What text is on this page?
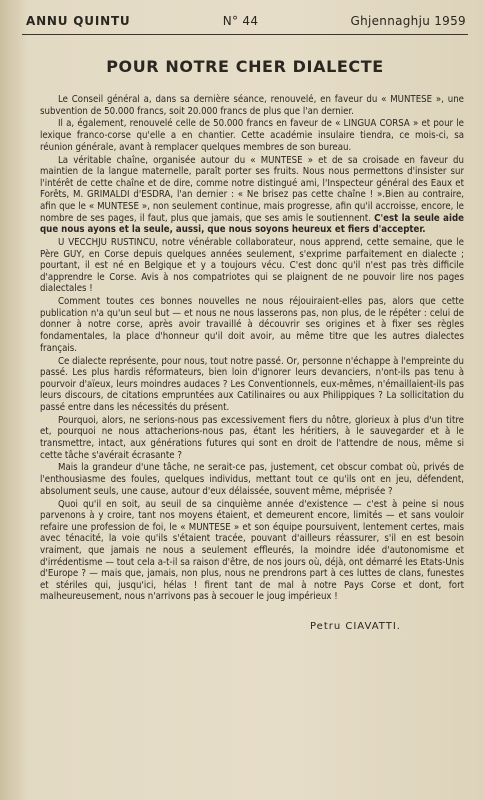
ANNU QUINTU	N° 44	Ghjennaghju 1959
POUR NOTRE CHER DIALECTE

Le Conseil général a, dans sa dernière séance, renouvelé, en faveur du « MUNTESE », une subvention de 50.000 francs, soit 20.000 francs de plus que l'an dernier.

Il a, également, renouvelé celle de 50.000 francs en faveur de « LINGUA CORSA » et pour le lexique franco-corse qu'elle a en chantier. Cette académie insulaire tiendra, ce mois-ci, sa réunion générale, avant à remplacer quelques membres de son bureau.

La véritable chaîne, organisée autour du « MUNTESE » et de sa croisade en faveur du maintien de la langue maternelle, paraît porter ses fruits. Nous nous permettons d'insister sur l'intérêt de cette chaîne et de dire, comme notre distingué ami, l'Inspecteur général des Eaux et Forêts, M. GRIMALDI d'ESDRA, l'an dernier : « Ne brisez pas cette chaîne ! ».Bien au contraire, afin que le « MUNTESE », non seulement continue, mais progresse, afin qu'il accroisse, encore, le nombre de ses pages, il faut, plus que jamais, que ses amis le soutiennent. C'est la seule aide que nous ayons et la seule, aussi, que nous soyons heureux et fiers d'accepter.

U VECCHJU RUSTINCU, notre vénérable collaborateur, nous apprend, cette semaine, que le Père GUY, en Corse depuis quelques années seulement, s'exprime parfaitement en dialecte ; pourtant, il est né en Belgique et y a toujours vécu. C'est donc qu'il n'est pas très difficile d'apprendre le Corse. Avis à nos compatriotes qui se plaignent de ne pouvoir lire nos pages dialectales !

Comment toutes ces bonnes nouvelles ne nous réjouiraient-elles pas, alors que cette publication n'a qu'un seul but — et nous ne nous lasserons pas, non plus, de le répéter : celui de donner à notre corse, après avoir travaillé à découvrir ses origines et à fixer ses règles fondamentales, la place d'honneur qu'il doit avoir, au même titre que les autres dialectes français.

Ce dialecte représente, pour nous, tout notre passé. Or, personne n'échappe à l'empreinte du passé. Les plus hardis réformateurs, bien loin d'ignorer leurs devanciers, n'ont-ils pas tenu à pourvoir d'aïeux, leurs moindres audaces ? Les Conventionnels, eux-mêmes, n'émaillaient-ils pas leurs discours, de citations empruntées aux Catilinaires ou aux Philippiques ? La sollicitation du passé entre dans les nécessités du présent.

Pourquoi, alors, ne serions-nous pas excessivement fiers du nôtre, glorieux à plus d'un titre et, pourquoi ne nous attacherions-nous pas, étant les héritiers, à le sauvegarder et à le transmettre, intact, aux générations futures qui sont en droit de l'attendre de nous, même si cette tâche s'avérait écrasante ?

Mais la grandeur d'une tâche, ne serait-ce pas, justement, cet obscur combat où, privés de l'enthousiasme des foules, quelques individus, mettant tout ce qu'ils ont en jeu, défendent, absolument seuls, une cause, autour d'eux délaissée, souvent même, méprisée ?

Quoi qu'il en soit, au seuil de sa cinquième année d'existence — c'est à peine si nous parvenons à y croire, tant nos moyens étaient, et demeurent encore, limités — et sans vouloir refaire une profession de foi, le « MUNTESE » et son équipe poursuivent, lentement certes, mais avec ténacité, la voie qu'ils s'étaient tracée, pouvant d'ailleurs réassurer, s'il en est besoin vraiment, que jamais ne nous a seulement effleurés, la moindre idée d'autonomisme et d'irrédentisme — tout cela a-t-il sa raison d'être, de nos jours où, déjà, ont démarré les Etats-Unis d'Europe ? — mais que, jamais, non plus, nous ne prendrons part à ces luttes de clans, funestes et stériles qui, jusqu'ici, hélas ! firent tant de mal à notre Pays Corse et dont, fort malheureusement, nous n'arrivons pas à secouer le joug impérieux !

Petru CIAVATTI.
